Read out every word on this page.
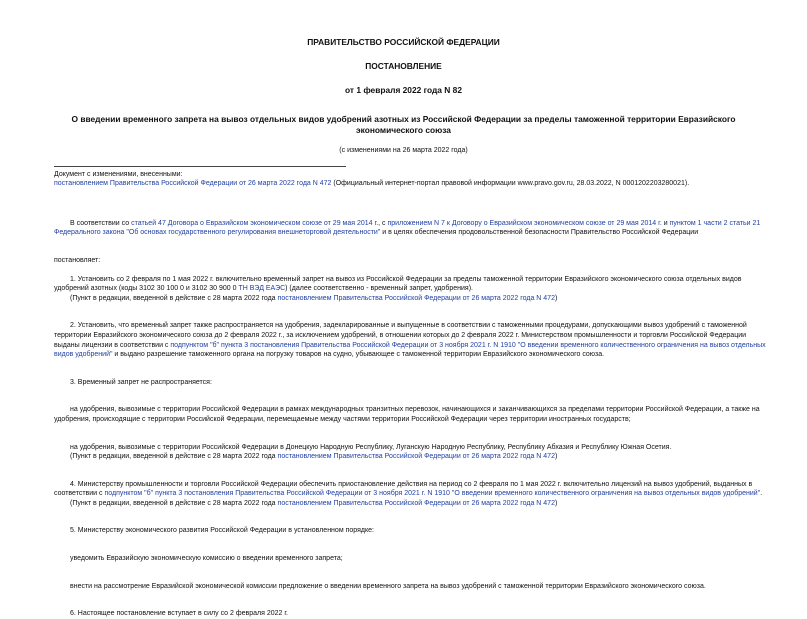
ПРАВИТЕЛЬСТВО РОССИЙСКОЙ ФЕДЕРАЦИИ
ПОСТАНОВЛЕНИЕ
от 1 февраля 2022 года N 82
О введении временного запрета на вывоз отдельных видов удобрений азотных из Российской Федерации за пределы таможенной территории Евразийского экономического союза
(с изменениями на 26 марта 2022 года)
Документ с изменениями, внесенными:
постановлением Правительства Российской Федерации от 26 марта 2022 года N 472 (Официальный интернет-портал правовой информации www.pravo.gov.ru, 28.03.2022, N 0001202203280021).
В соответствии со статьей 47 Договора о Евразийском экономическом союзе от 29 мая 2014 г., с приложением N 7 к Договору о Евразийском экономическом союзе от 29 мая 2014 г. и пунктом 1 части 2 статьи 21 Федерального закона "Об основах государственного регулирования внешнеторговой деятельности" и в целях обеспечения продовольственной безопасности Правительство Российской Федерации
постановляет:
1. Установить со 2 февраля по 1 мая 2022 г. включительно временный запрет на вывоз из Российской Федерации за пределы таможенной территории Евразийского экономического союза отдельных видов удобрений азотных (коды 3102 30 100 0 и 3102 30 900 0 ТН ВЭД ЕАЭС) (далее соответственно - временный запрет, удобрения).
(Пункт в редакции, введенной в действие с 28 марта 2022 года постановлением Правительства Российской Федерации от 26 марта 2022 года N 472)
2. Установить, что временный запрет также распространяется на удобрения, задекларированные и выпущенные в соответствии с таможенными процедурами, допускающими вывоз удобрений с таможенной территории Евразийского экономического союза до 2 февраля 2022 г., за исключением удобрений, в отношении которых до 2 февраля 2022 г. Министерством промышленности и торговли Российской Федерации выданы лицензии в соответствии с подпунктом "б" пункта 3 постановления Правительства Российской Федерации от 3 ноября 2021 г. N 1910 "О введении временного количественного ограничения на вывоз отдельных видов удобрений" и выдано разрешение таможенного органа на погрузку товаров на судно, убывающее с таможенной территории Евразийского экономического союза.
3. Временный запрет не распространяется:
на удобрения, вывозимые с территории Российской Федерации в рамках международных транзитных перевозок, начинающихся и заканчивающихся за пределами территории Российской Федерации, а также на удобрения, происходящие с территории Российской Федерации, перемещаемые между частями территории Российской Федерации через территории иностранных государств;
на удобрения, вывозимые с территории Российской Федерации в Донецкую Народную Республику, Луганскую Народную Республику, Республику Абхазия и Республику Южная Осетия.
(Пункт в редакции, введенной в действие с 28 марта 2022 года постановлением Правительства Российской Федерации от 26 марта 2022 года N 472)
4. Министерству промышленности и торговли Российской Федерации обеспечить приостановление действия на период со 2 февраля по 1 мая 2022 г. включительно лицензий на вывоз удобрений, выданных в соответствии с подпунктом "б" пункта 3 постановления Правительства Российской Федерации от 3 ноября 2021 г. N 1910 "О введении временного количественного ограничения на вывоз отдельных видов удобрений".
(Пункт в редакции, введенной в действие с 28 марта 2022 года постановлением Правительства Российской Федерации от 26 марта 2022 года N 472)
5. Министерству экономического развития Российской Федерации в установленном порядке:
уведомить Евразийскую экономическую комиссию о введении временного запрета;
внести на рассмотрение Евразийской экономической комиссии предложение о введении временного запрета на вывоз удобрений с таможенной территории Евразийского экономического союза.
6. Настоящее постановление вступает в силу со 2 февраля 2022 г.
